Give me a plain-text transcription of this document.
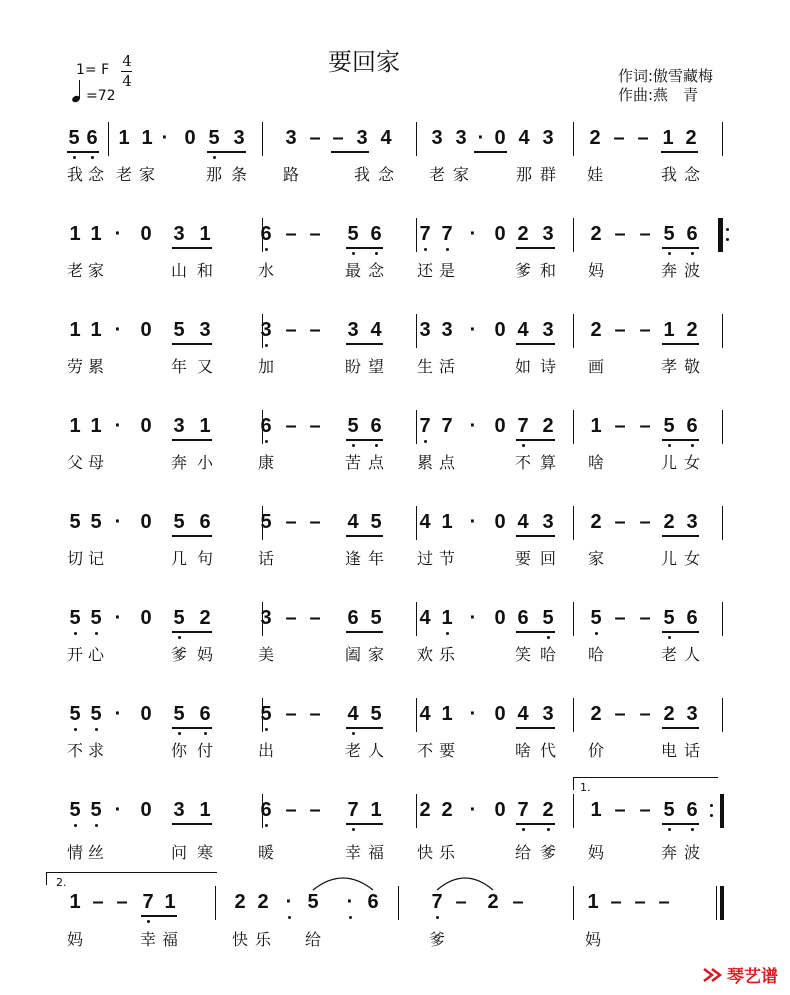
要回家	作词:傲雪藏梅
作曲:燕　青
1= F 4
4
=72
5 6 1 1 · 0 5 3 3 – – 3 4 3 3 · 0 4 3 2 – – 1 2
我 念 老 家	那 条 路	我 念 老 家	那 群 娃	我 念
1 1 · 0 3 1 6 – – 5 6 7 7 · 0 2 3 2 – – 5 6
老 家	山 和	水	最 念 还 是	爹 和 妈	奔 波
1 1 · 0 5 3 3 – – 3 4 3 3 · 0 4 3 2 – – 1 2
劳 累	年 又	加	盼 望 生 活	如 诗 画	孝 敬
1 1 · 0 3 1 6 – – 5 6 7 7 · 0 7 2 1 – – 5 6
父 母	奔 小	康	苦 点 累 点	不 算 啥	儿 女
5 5 · 0 5 6 5 – – 4 5 4 1 · 0 4 3 2 – – 2 3
切 记	几 句	话	逢 年 过 节	要 回 家	儿 女
5 5 · 0 5 2 3 – – 6 5 4 1 · 0 6 5 5 – – 5 6
开 心	爹 妈	美	阖 家 欢 乐	笑 哈 哈	老 人
5 5 · 0 5 6 5 – – 4 5 4 1 · 0 4 3 2 – – 2 3
不 求	你 付	出	老 人 不 要	啥 代 价	电 话
5 5 · 0 3 1 6 – – 7 1 2 2 · 0 7 2 1 – – 5 6
情 丝	问 寒	暖	幸 福 快 乐	给 爹 妈	奔 波
1 – – 7 1	2 2 · 5 · 6	7 – 2 –	1 – – –
妈	幸 福	快 乐 给	爹	妈
1.
2.
琴艺谱
